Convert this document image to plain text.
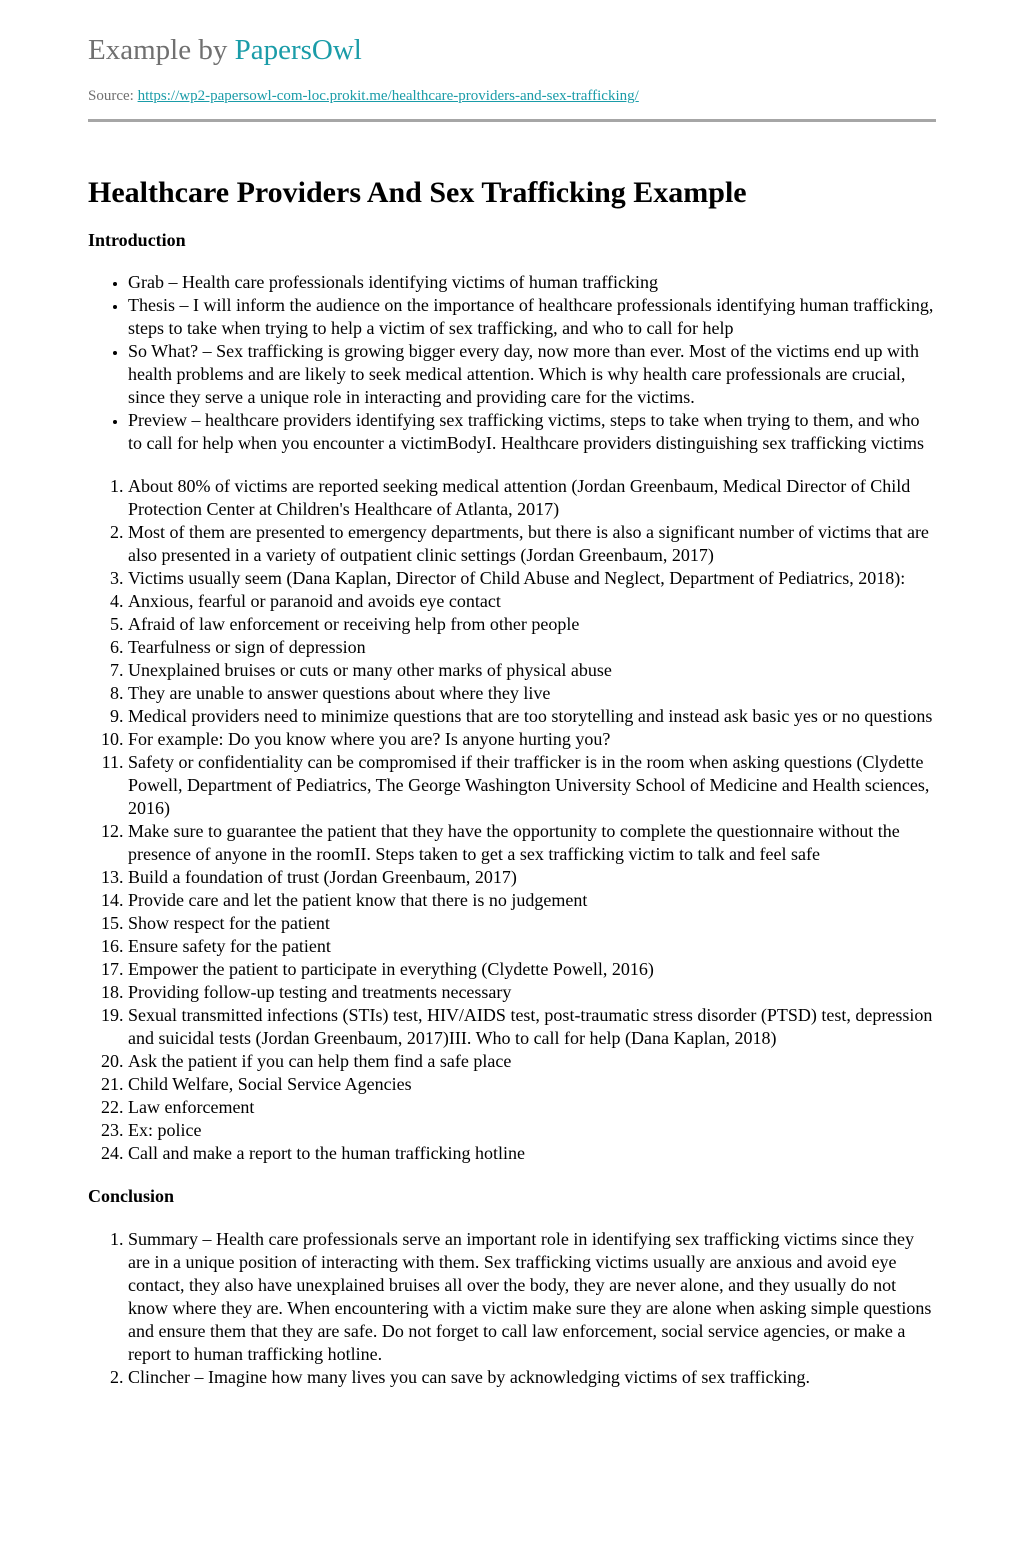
Example by PapersOwl

Source: https://wp2-papersowl-com-loc.prokit.me/healthcare-providers-and-sex-trafficking/
Healthcare Providers And Sex Trafficking Example
Introduction
• Grab – Health care professionals identifying victims of human trafficking
• Thesis – I will inform the audience on the importance of healthcare professionals identifying human trafficking, steps to take when trying to help a victim of sex trafficking, and who to call for help
• So What? – Sex trafficking is growing bigger every day, now more than ever. Most of the victims end up with health problems and are likely to seek medical attention. Which is why health care professionals are crucial, since they serve a unique role in interacting and providing care for the victims.
• Preview – healthcare providers identifying sex trafficking victims, steps to take when trying to them, and who to call for help when you encounter a victimBodyI. Healthcare providers distinguishing sex trafficking victims
1. About 80% of victims are reported seeking medical attention (Jordan Greenbaum, Medical Director of Child Protection Center at Children's Healthcare of Atlanta, 2017)
2. Most of them are presented to emergency departments, but there is also a significant number of victims that are also presented in a variety of outpatient clinic settings (Jordan Greenbaum, 2017)
3. Victims usually seem (Dana Kaplan, Director of Child Abuse and Neglect, Department of Pediatrics, 2018):
4. Anxious, fearful or paranoid and avoids eye contact
5. Afraid of law enforcement or receiving help from other people
6. Tearfulness or sign of depression
7. Unexplained bruises or cuts or many other marks of physical abuse
8. They are unable to answer questions about where they live
9. Medical providers need to minimize questions that are too storytelling and instead ask basic yes or no questions
10. For example: Do you know where you are? Is anyone hurting you?
11. Safety or confidentiality can be compromised if their trafficker is in the room when asking questions (Clydette Powell, Department of Pediatrics, The George Washington University School of Medicine and Health sciences, 2016)
12. Make sure to guarantee the patient that they have the opportunity to complete the questionnaire without the presence of anyone in the roomII. Steps taken to get a sex trafficking victim to talk and feel safe
13. Build a foundation of trust (Jordan Greenbaum, 2017)
14. Provide care and let the patient know that there is no judgement
15. Show respect for the patient
16. Ensure safety for the patient
17. Empower the patient to participate in everything (Clydette Powell, 2016)
18. Providing follow-up testing and treatments necessary
19. Sexual transmitted infections (STIs) test, HIV/AIDS test, post-traumatic stress disorder (PTSD) test, depression and suicidal tests (Jordan Greenbaum, 2017)III. Who to call for help (Dana Kaplan, 2018)
20. Ask the patient if you can help them find a safe place
21. Child Welfare, Social Service Agencies
22. Law enforcement
23. Ex: police
24. Call and make a report to the human trafficking hotline
Conclusion
1. Summary – Health care professionals serve an important role in identifying sex trafficking victims since they are in a unique position of interacting with them. Sex trafficking victims usually are anxious and avoid eye contact, they also have unexplained bruises all over the body, they are never alone, and they usually do not know where they are. When encountering with a victim make sure they are alone when asking simple questions and ensure them that they are safe. Do not forget to call law enforcement, social service agencies, or make a report to human trafficking hotline.
2. Clincher – Imagine how many lives you can save by acknowledging victims of sex trafficking.
